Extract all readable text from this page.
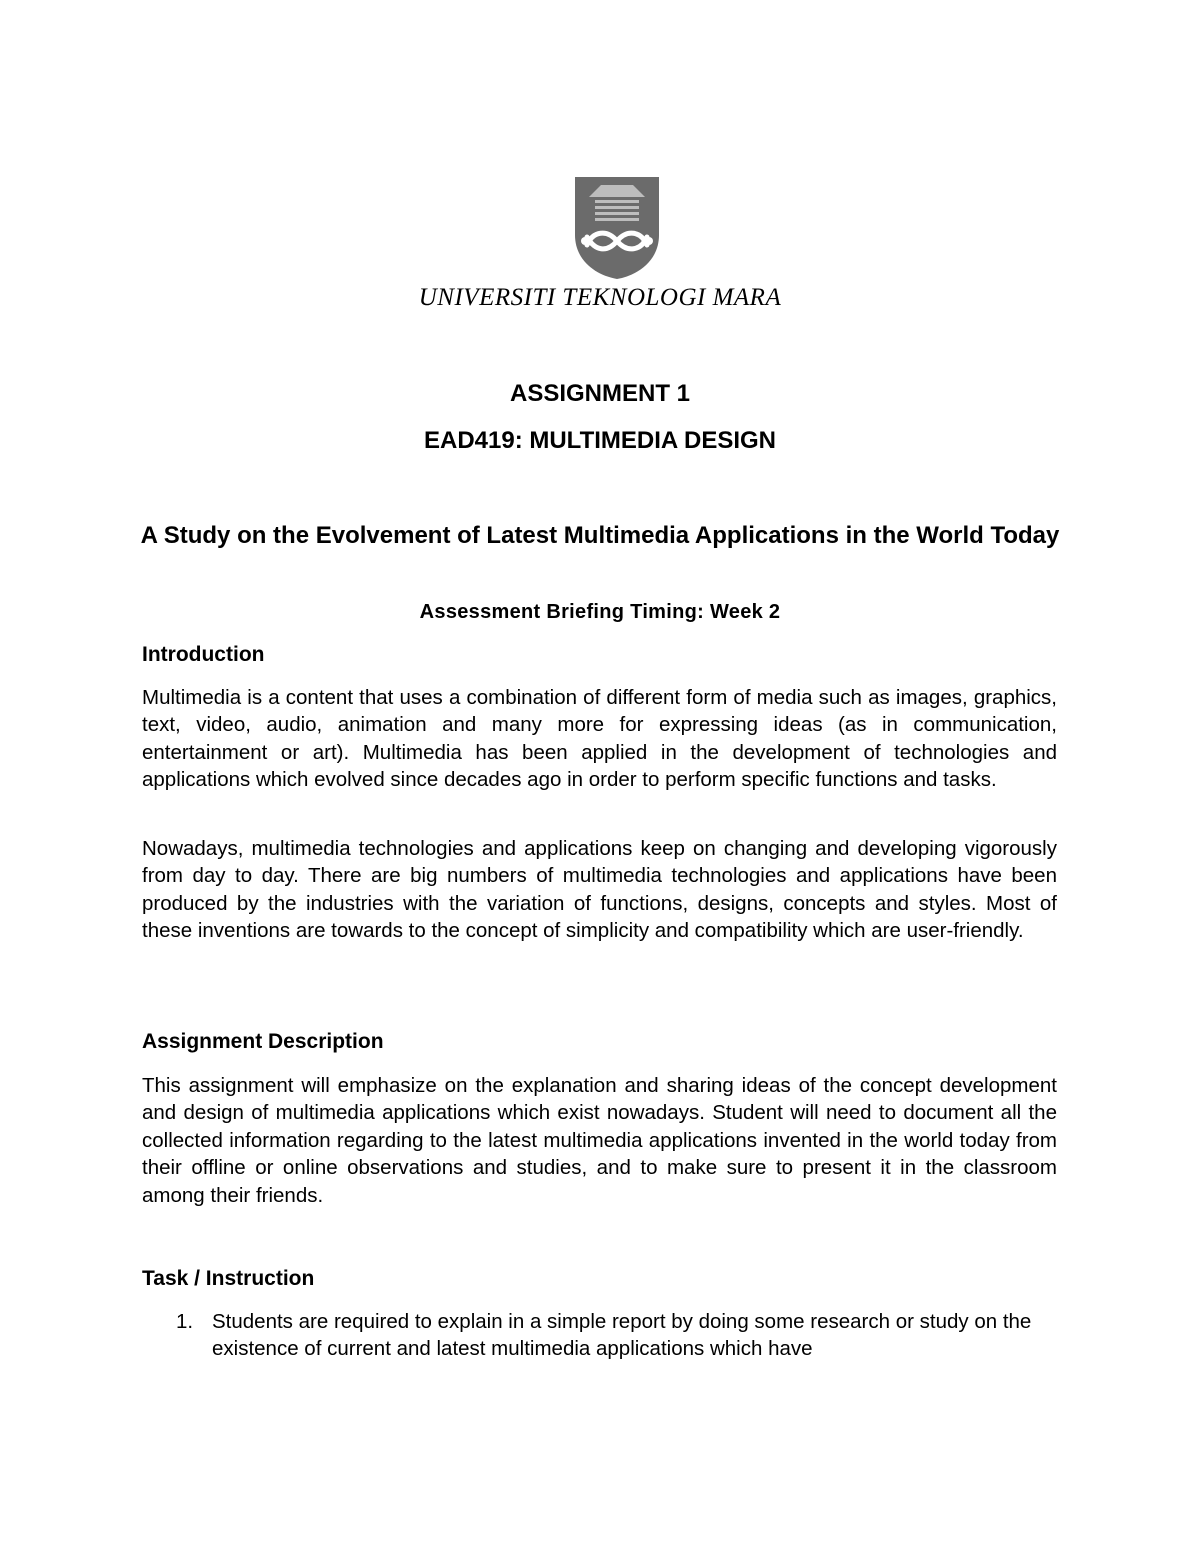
UNIVERSITI TEKNOLOGI MARA
ASSIGNMENT 1
EAD419: MULTIMEDIA DESIGN
A Study on the Evolvement of Latest Multimedia Applications in the World Today
Assessment Briefing Timing: Week 2
Introduction

Multimedia is a content that uses a combination of different form of media such as images, graphics, text, video, audio, animation and many more for expressing ideas (as in communication, entertainment or art). Multimedia has been applied in the development of technologies and applications which evolved since decades ago in order to perform specific functions and tasks.

Nowadays, multimedia technologies and applications keep on changing and developing vigorously from day to day. There are big numbers of multimedia technologies and applications have been produced by the industries with the variation of functions, designs, concepts and styles. Most of these inventions are towards to the concept of simplicity and compatibility which are user-friendly.

Assignment Description

This assignment will emphasize on the explanation and sharing ideas of the concept development and design of multimedia applications which exist nowadays. Student will need to document all the collected information regarding to the latest multimedia applications invented in the world today from their offline or online observations and studies, and to make sure to present it in the classroom among their friends.

Task / Instruction
1. Students are required to explain in a simple report by doing some research or study on the existence of current and latest multimedia applications which have
